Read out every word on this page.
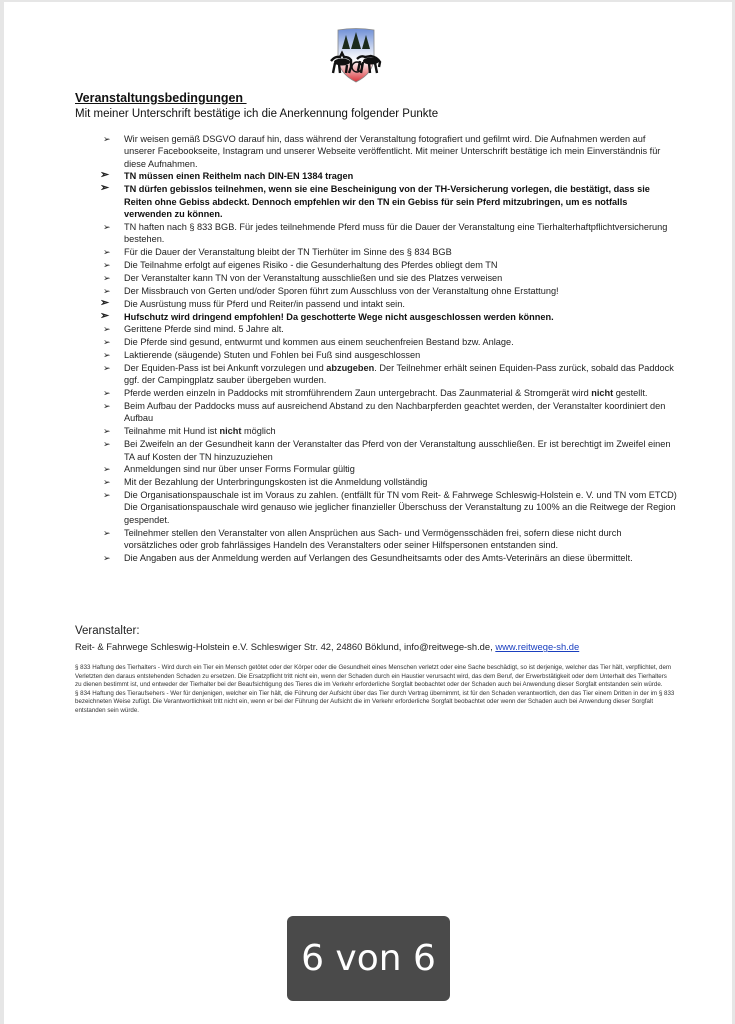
Veranstaltungsbedingungen
Mit meiner Unterschrift bestätige ich die Anerkennung folgender Punkte
➢ Wir weisen gemäß DSGVO darauf hin, dass während der Veranstaltung fotografiert und gefilmt wird. Die Aufnahmen werden auf unserer Facebookseite, Instagram und unserer Webseite veröffentlicht. Mit meiner Unterschrift bestätige ich mein Einverständnis für diese Aufnahmen.
➢ TN müssen einen Reithelm nach DIN-EN 1384 tragen
➢ TN dürfen gebisslos teilnehmen, wenn sie eine Bescheinigung von der TH-Versicherung vorlegen, die bestätigt, dass sie Reiten ohne Gebiss abdeckt. Dennoch empfehlen wir den TN ein Gebiss für sein Pferd mitzubringen, um es notfalls verwenden zu können.
➢ TN haften nach § 833 BGB. Für jedes teilnehmende Pferd muss für die Dauer der Veranstaltung eine Tierhalterhaftpflichtversicherung bestehen.
➢ Für die Dauer der Veranstaltung bleibt der TN Tierhüter im Sinne des § 834 BGB
➢ Die Teilnahme erfolgt auf eigenes Risiko - die Gesunderhaltung des Pferdes obliegt dem TN
➢ Der Veranstalter kann TN von der Veranstaltung ausschließen und sie des Platzes verweisen
➢ Der Missbrauch von Gerten und/oder Sporen führt zum Ausschluss von der Veranstaltung ohne Erstattung!
➢ Die Ausrüstung muss für Pferd und Reiter/in passend und intakt sein.
➢ Hufschutz wird dringend empfohlen! Da geschotterte Wege nicht ausgeschlossen werden können.
➢ Gerittene Pferde sind mind. 5 Jahre alt.
➢ Die Pferde sind gesund, entwurmt und kommen aus einem seuchenfreien Bestand bzw. Anlage.
➢ Laktierende (säugende) Stuten und Fohlen bei Fuß sind ausgeschlossen
➢ Der Equiden-Pass ist bei Ankunft vorzulegen und abzugeben. Der Teilnehmer erhält seinen Equiden-Pass zurück, sobald das Paddock ggf. der Campingplatz sauber übergeben wurden.
➢ Pferde werden einzeln in Paddocks mit stromführendem Zaun untergebracht. Das Zaunmaterial & Stromgerät wird nicht gestellt.
➢ Beim Aufbau der Paddocks muss auf ausreichend Abstand zu den Nachbarpferden geachtet werden, der Veranstalter koordiniert den Aufbau
➢ Teilnahme mit Hund ist nicht möglich
➢ Bei Zweifeln an der Gesundheit kann der Veranstalter das Pferd von der Veranstaltung ausschließen. Er ist berechtigt im Zweifel einen TA auf Kosten der TN hinzuzuziehen
➢ Anmeldungen sind nur über unser Forms Formular gültig
➢ Mit der Bezahlung der Unterbringungskosten ist die Anmeldung vollständig
➢ Die Organisationspauschale ist im Voraus zu zahlen. (entfällt für TN vom Reit- & Fahrwege Schleswig-Holstein e. V. und TN vom ETCD) Die Organisationspauschale wird genauso wie jeglicher finanzieller Überschuss der Veranstaltung zu 100% an die Reitwege der Region gespendet.
➢ Teilnehmer stellen den Veranstalter von allen Ansprüchen aus Sach- und Vermögensschäden frei, sofern diese nicht durch vorsätzliches oder grob fahrlässiges Handeln des Veranstalters oder seiner Hilfspersonen entstanden sind.
➢ Die Angaben aus der Anmeldung werden auf Verlangen des Gesundheitsamts oder des Amts-Veterinärs an diese übermittelt.
Veranstalter:
Reit- & Fahrwege Schleswig-Holstein e.V. Schleswiger Str. 42, 24860 Böklund, info@reitwege-sh.de, www.reitwege-sh.de

§ 833 Haftung des Tierhalters - Wird durch ein Tier ein Mensch getötet oder der Körper oder die Gesundheit eines Menschen verletzt oder eine Sache beschädigt, so ist derjenige, welcher das Tier hält, verpflichtet, dem Verletzten den daraus entstehenden Schaden zu ersetzen. Die Ersatzpflicht tritt nicht ein, wenn der Schaden durch ein Haustier verursacht wird, das dem Beruf, der Erwerbstätigkeit oder dem Unterhalt des Tierhalters zu dienen bestimmt ist, und entweder der Tierhalter bei der Beaufsichtigung des Tieres die im Verkehr erforderliche Sorgfalt beobachtet oder der Schaden auch bei Anwendung dieser Sorgfalt entstanden sein würde.

§ 834 Haftung des Tieraufsehers - Wer für denjenigen, welcher ein Tier hält, die Führung der Aufsicht über das Tier durch Vertrag übernimmt, ist für den Schaden verantwortlich, den das Tier einem Dritten in der im § 833 bezeichneten Weise zufügt. Die Verantwortlichkeit tritt nicht ein, wenn er bei der Führung der Aufsicht die im Verkehr erforderliche Sorgfalt beobachtet oder wenn der Schaden auch bei Anwendung dieser Sorgfalt entstanden sein würde.

6 von 6
